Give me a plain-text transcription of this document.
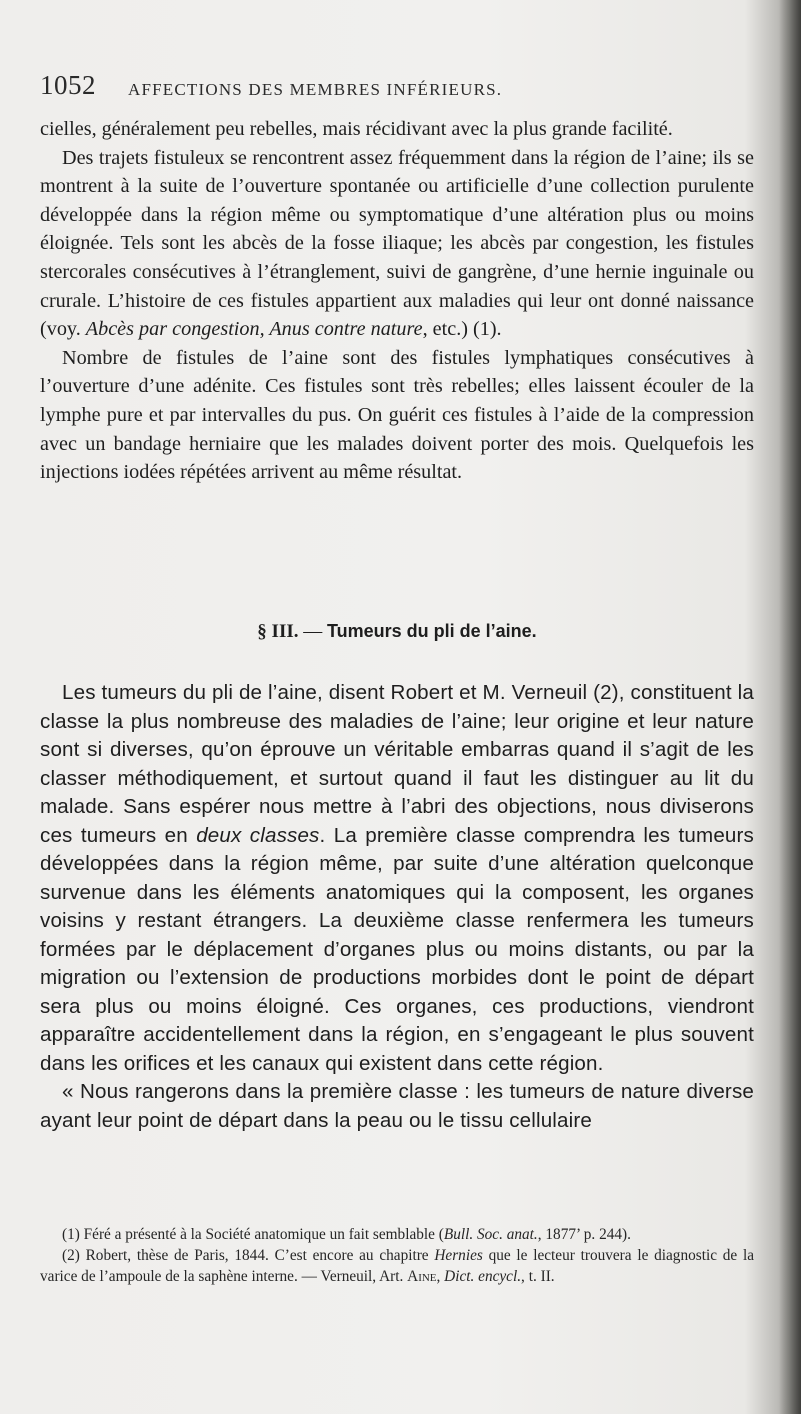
1052 AFFECTIONS DES MEMBRES INFÉRIEURS.

cielles, généralement peu rebelles, mais récidivant avec la plus grande facilité.

Des trajets fistuleux se rencontrent assez fréquemment dans la région de l’aine; ils se montrent à la suite de l’ouverture spontanée ou artificielle d’une collection purulente développée dans la région même ou symptomatique d’une altération plus ou moins éloignée. Tels sont les abcès de la fosse iliaque; les abcès par congestion, les fistules stercorales consécutives à l’étranglement, suivi de gangrène, d’une hernie inguinale ou crurale. L’histoire de ces fistules appartient aux maladies qui leur ont donné naissance (voy. Abcès par congestion, Anus contre nature, etc.) (1).

Nombre de fistules de l’aine sont des fistules lymphatiques consécutives à l’ouverture d’une adénite. Ces fistules sont très rebelles; elles laissent écouler de la lymphe pure et par intervalles du pus. On guérit ces fistules à l’aide de la compression avec un bandage herniaire que les malades doivent porter des mois. Quelquefois les injections iodées répétées arrivent au même résultat.

§ III. — Tumeurs du pli de l’aine.

Les tumeurs du pli de l’aine, disent Robert et M. Verneuil (2), constituent la classe la plus nombreuse des maladies de l’aine; leur origine et leur nature sont si diverses, qu’on éprouve un véritable embarras quand il s’agit de les classer méthodiquement, et surtout quand il faut les distinguer au lit du malade. Sans espérer nous mettre à l’abri des objections, nous diviserons ces tumeurs en deux classes. La première classe comprendra les tumeurs développées dans la région même, par suite d’une altération quelconque survenue dans les éléments anatomiques qui la composent, les organes voisins y restant étrangers. La deuxième classe renfermera les tumeurs formées par le déplacement d’organes plus ou moins distants, ou par la migration ou l’extension de productions morbides dont le point de départ sera plus ou moins éloigné. Ces organes, ces productions, viendront apparaître accidentellement dans la région, en s’engageant le plus souvent dans les orifices et les canaux qui existent dans cette région.

« Nous rangerons dans la première classe : les tumeurs de nature diverse ayant leur point de départ dans la peau ou le tissu cellulaire

(1) Féré a présenté à la Société anatomique un fait semblable (Bull. Soc. anat., 1877’ p. 244).

(2) Robert, thèse de Paris, 1844. C’est encore au chapitre Hernies que le lecteur trouvera le diagnostic de la varice de l’ampoule de la saphène interne. — Verneuil, Art. Aine, Dict. encycl., t. II.
